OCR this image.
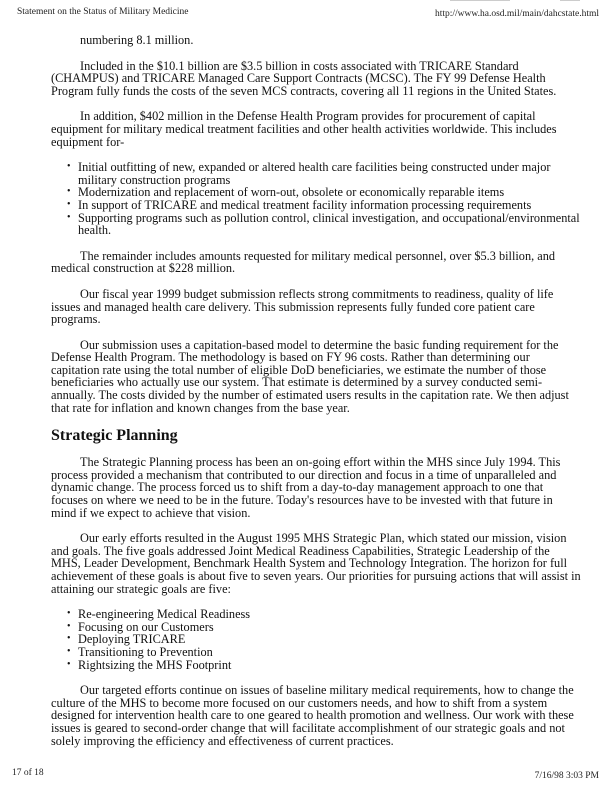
Statement on the Status of Military Medicine	http://www.ha.osd.mil/main/dahcstate.html

numbering 8.1 million.

Included in the $10.1 billion are $3.5 billion in costs associated with TRICARE Standard (CHAMPUS) and TRICARE Managed Care Support Contracts (MCSC). The FY 99 Defense Health Program fully funds the costs of the seven MCS contracts, covering all 11 regions in the United States.

In addition, $402 million in the Defense Health Program provides for procurement of capital equipment for military medical treatment facilities and other health activities worldwide. This includes equipment for-

• Initial outfitting of new, expanded or altered health care facilities being constructed under major military construction programs
• Modernization and replacement of worn-out, obsolete or economically reparable items
• In support of TRICARE and medical treatment facility information processing requirements
• Supporting programs such as pollution control, clinical investigation, and occupational/environmental health.

The remainder includes amounts requested for military medical personnel, over $5.3 billion, and medical construction at $228 million.

Our fiscal year 1999 budget submission reflects strong commitments to readiness, quality of life issues and managed health care delivery. This submission represents fully funded core patient care programs.

Our submission uses a capitation-based model to determine the basic funding requirement for the Defense Health Program. The methodology is based on FY 96 costs. Rather than determining our capitation rate using the total number of eligible DoD beneficiaries, we estimate the number of those beneficiaries who actually use our system. That estimate is determined by a survey conducted semi-annually. The costs divided by the number of estimated users results in the capitation rate. We then adjust that rate for inflation and known changes from the base year.

Strategic Planning

The Strategic Planning process has been an on-going effort within the MHS since July 1994. This process provided a mechanism that contributed to our direction and focus in a time of unparalleled and dynamic change. The process forced us to shift from a day-to-day management approach to one that focuses on where we need to be in the future. Today's resources have to be invested with that future in mind if we expect to achieve that vision.

Our early efforts resulted in the August 1995 MHS Strategic Plan, which stated our mission, vision and goals. The five goals addressed Joint Medical Readiness Capabilities, Strategic Leadership of the MHS, Leader Development, Benchmark Health System and Technology Integration. The horizon for full achievement of these goals is about five to seven years. Our priorities for pursuing actions that will assist in attaining our strategic goals are five:

• Re-engineering Medical Readiness
• Focusing on our Customers
• Deploying TRICARE
• Transitioning to Prevention
• Rightsizing the MHS Footprint

Our targeted efforts continue on issues of baseline military medical requirements, how to change the culture of the MHS to become more focused on our customers needs, and how to shift from a system designed for intervention health care to one geared to health promotion and wellness. Our work with these issues is geared to second-order change that will facilitate accomplishment of our strategic goals and not solely improving the efficiency and effectiveness of current practices.

17 of 18	7/16/98 3:03 PM
